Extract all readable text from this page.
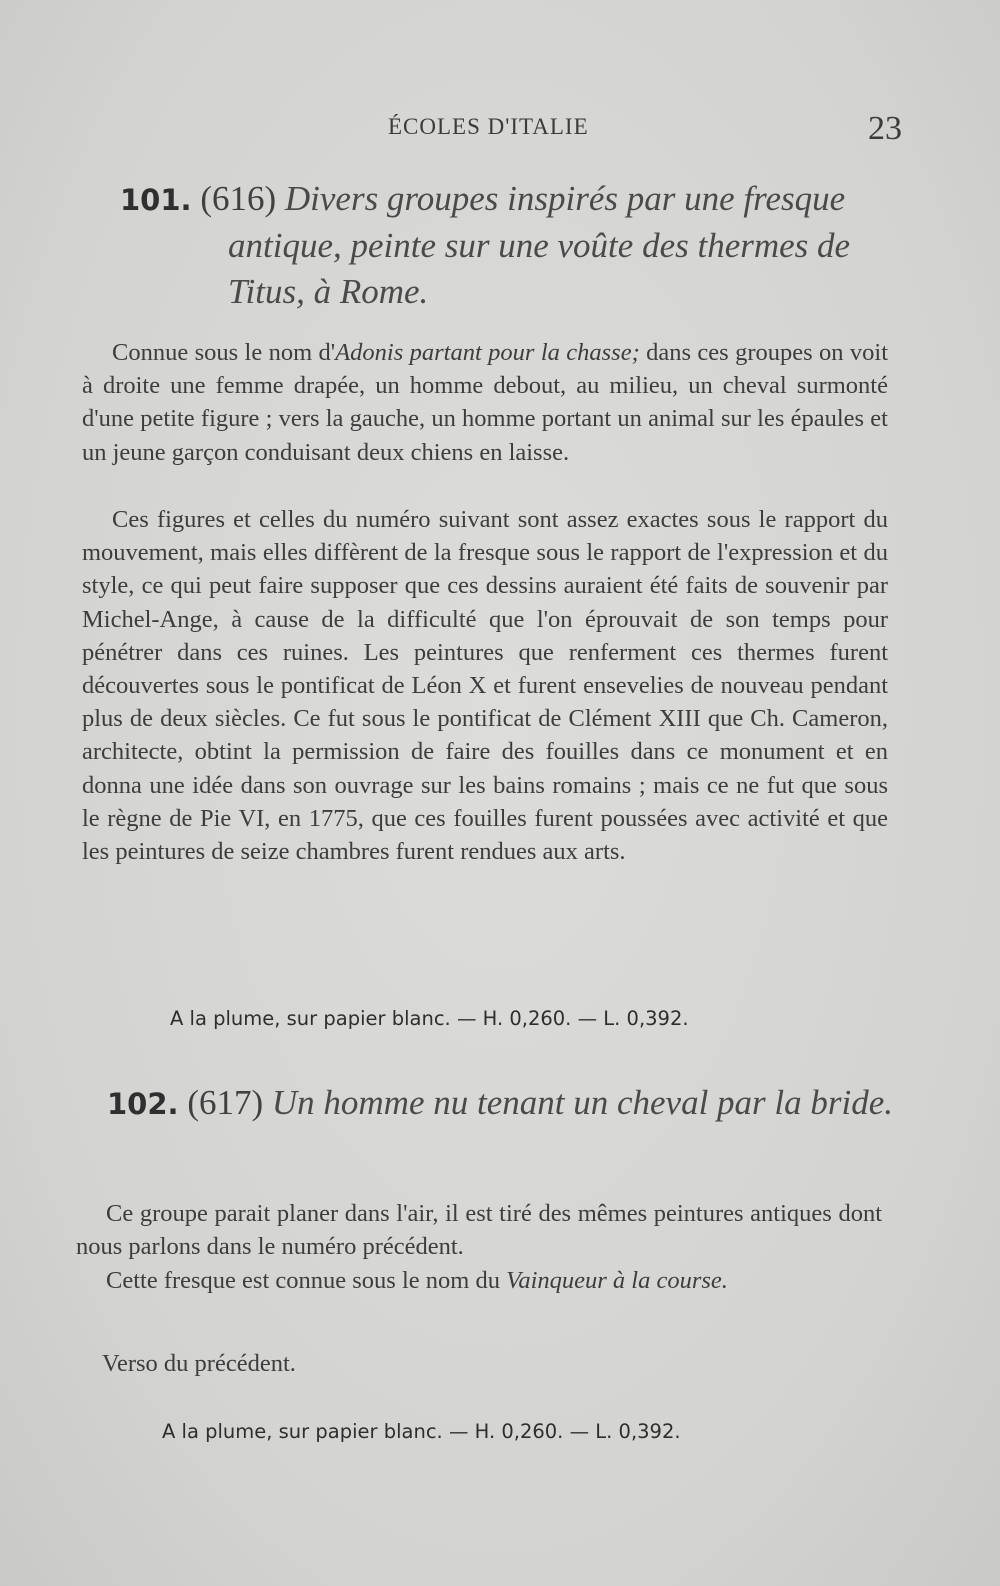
ÉCOLES D'ITALIE	23
101. (616) Divers groupes inspirés par une fresque antique, peinte sur une voûte des thermes de Titus, à Rome.

Connue sous le nom d'Adonis partant pour la chasse; dans ces groupes on voit à droite une femme drapée, un homme debout, au milieu, un cheval surmonté d'une petite figure ; vers la gauche, un homme portant un animal sur les épaules et un jeune garçon conduisant deux chiens en laisse.

Ces figures et celles du numéro suivant sont assez exactes sous le rapport du mouvement, mais elles diffèrent de la fresque sous le rapport de l'expression et du style, ce qui peut faire supposer que ces dessins auraient été faits de souvenir par Michel-Ange, à cause de la difficulté que l'on éprouvait de son temps pour pénétrer dans ces ruines. Les peintures que renferment ces thermes furent découvertes sous le pontificat de Léon X et furent ensevelies de nouveau pendant plus de deux siècles. Ce fut sous le pontificat de Clément XIII que Ch. Cameron, architecte, obtint la permission de faire des fouilles dans ce monument et en donna une idée dans son ouvrage sur les bains romains ; mais ce ne fut que sous le règne de Pie VI, en 1775, que ces fouilles furent poussées avec activité et que les peintures de seize chambres furent rendues aux arts.

A la plume, sur papier blanc. — H. 0,260. — L. 0,392.

102. (617) Un homme nu tenant un cheval par la bride.

Ce groupe parait planer dans l'air, il est tiré des mêmes peintures antiques dont nous parlons dans le numéro précédent.

Cette fresque est connue sous le nom du Vainqueur à la course.

Verso du précédent.

A la plume, sur papier blanc. — H. 0,260. — L. 0,392.
